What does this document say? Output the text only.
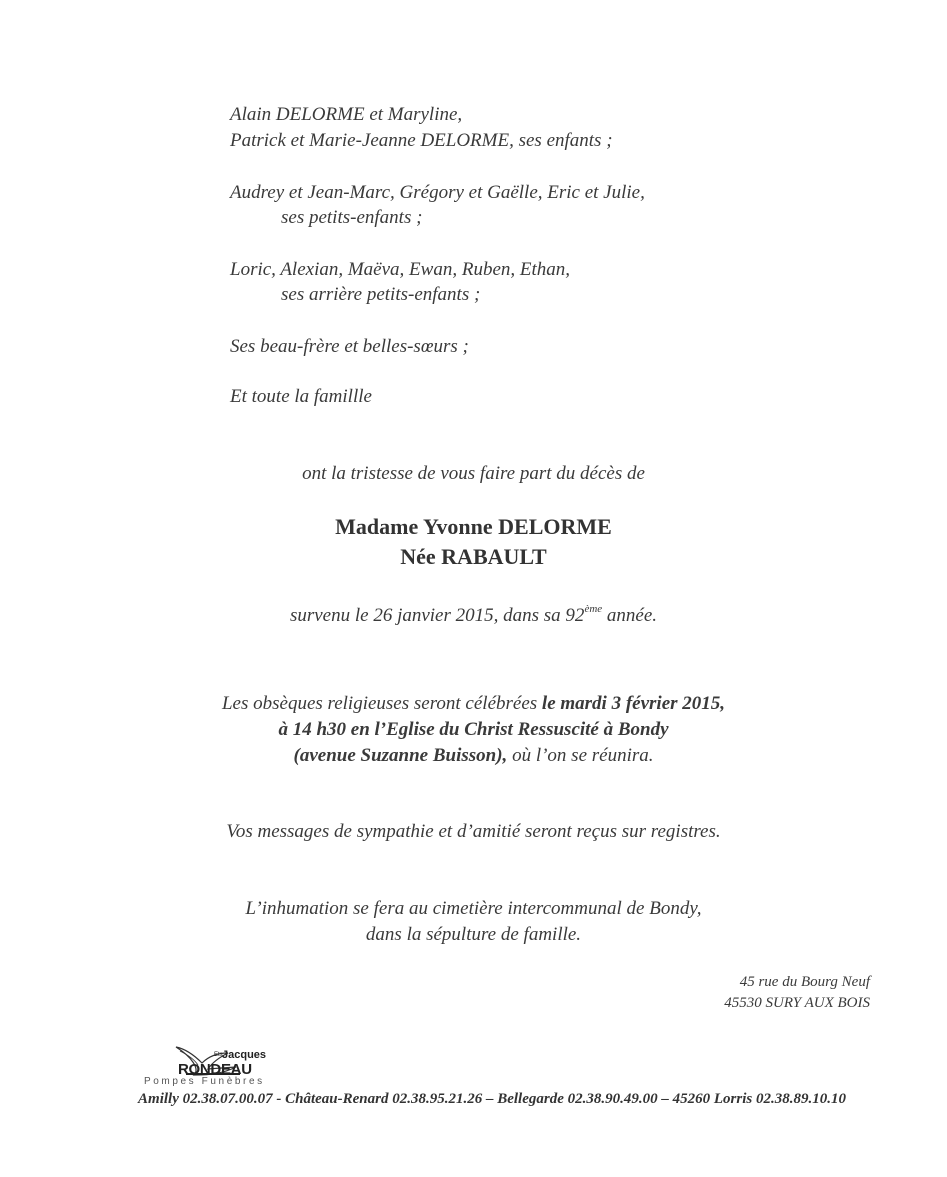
Alain DELORME et Maryline,
Patrick et Marie-Jeanne DELORME, ses enfants ;
Audrey et Jean-Marc, Grégory et Gaëlle, Eric et Julie,
ses petits-enfants ;
Loric, Alexian, Maëva, Ewan, Ruben, Ethan,
ses arrière petits-enfants ;
Ses beau-frère et belles-sœurs ;
Et toute la famillle
ont la tristesse de vous faire part du décès de
Madame Yvonne DELORME
Née RABAULT
survenu le 26 janvier 2015, dans sa 92ème année.
Les obsèques religieuses seront célébrées le mardi 3 février 2015,
à 14 h30 en l’Eglise du Christ Ressuscité à Bondy
(avenue Suzanne Buisson), où l’on se réunira.
Vos messages de sympathie et d’amitié seront reçus sur registres.
L’inhumation se fera au cimetière intercommunal de Bondy,
dans la sépulture de famille.
45 rue du Bourg Neuf
45530 SURY AUX BOIS
Ets Jacques
RONDEAU
Pompes Funèbres
Amilly 02.38.07.00.07 - Château-Renard 02.38.95.21.26 – Bellegarde 02.38.90.49.00 – 45260 Lorris 02.38.89.10.10
